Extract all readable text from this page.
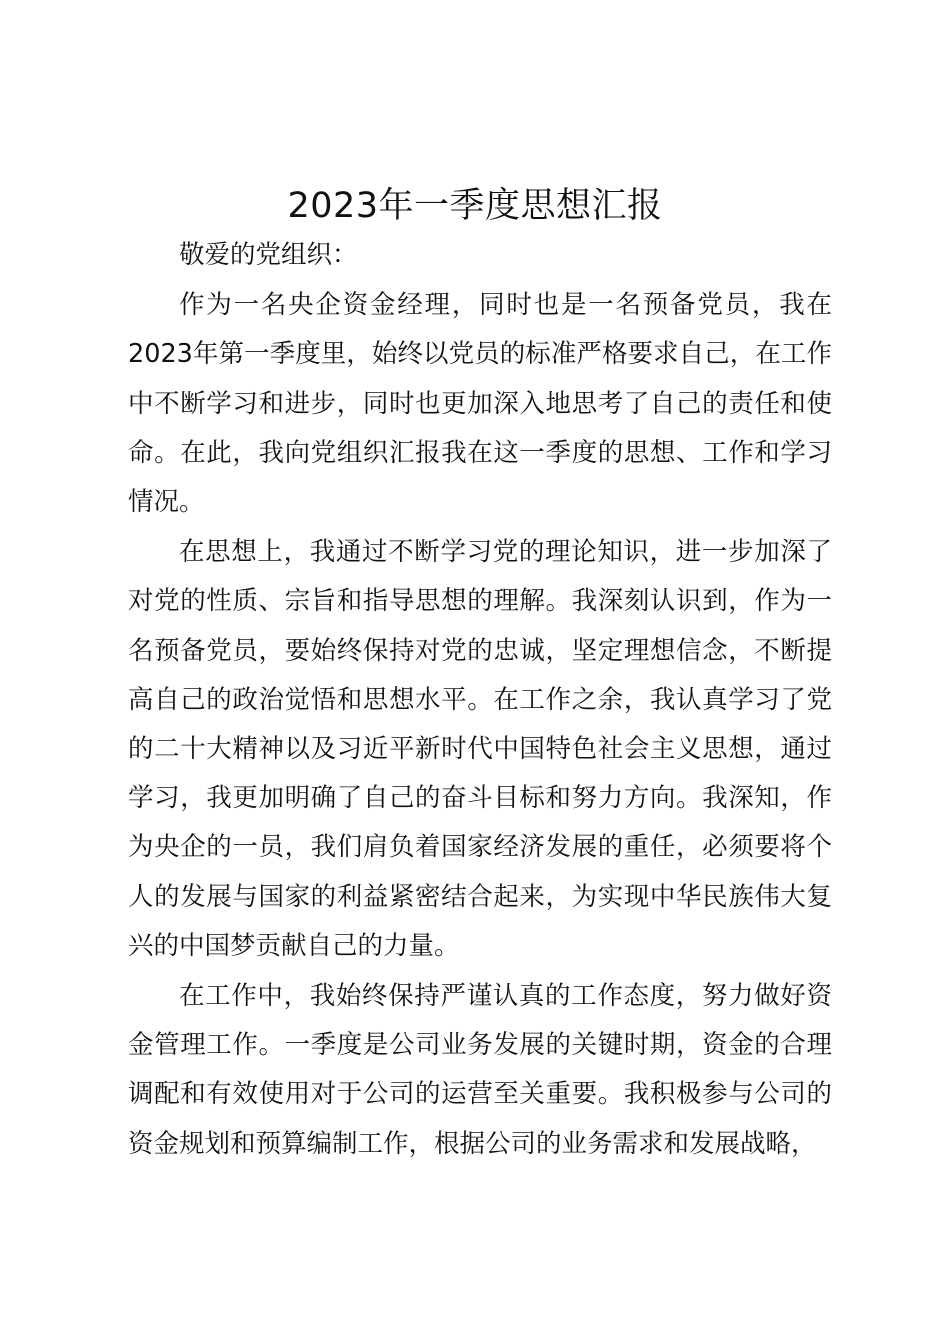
2023年一季度思想汇报

敬爱的党组织：

作为一名央企资金经理，同时也是一名预备党员，我在2023年第一季度里，始终以党员的标准严格要求自己，在工作中不断学习和进步，同时也更加深入地思考了自己的责任和使命。在此，我向党组织汇报我在这一季度的思想、工作和学习情况。

在思想上，我通过不断学习党的理论知识，进一步加深了对党的性质、宗旨和指导思想的理解。我深刻认识到，作为一名预备党员，要始终保持对党的忠诚，坚定理想信念，不断提高自己的政治觉悟和思想水平。在工作之余，我认真学习了党的二十大精神以及习近平新时代中国特色社会主义思想，通过学习，我更加明确了自己的奋斗目标和努力方向。我深知，作为央企的一员，我们肩负着国家经济发展的重任，必须要将个人的发展与国家的利益紧密结合起来，为实现中华民族伟大复兴的中国梦贡献自己的力量。

在工作中，我始终保持严谨认真的工作态度，努力做好资金管理工作。一季度是公司业务发展的关键时期，资金的合理调配和有效使用对于公司的运营至关重要。我积极参与公司的资金规划和预算编制工作，根据公司的业务需求和发展战略，
